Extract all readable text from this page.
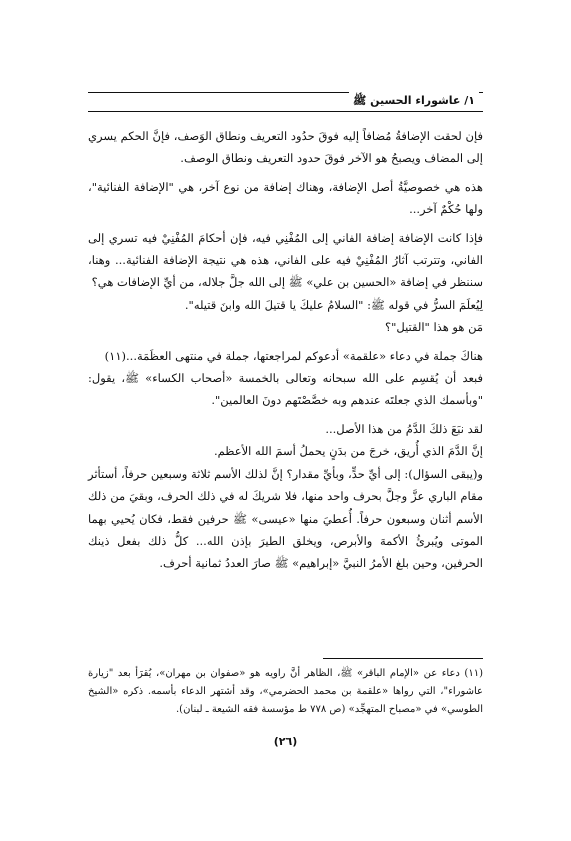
١/ عاشوراء الحسين ﷺ

فإن لحقت الإضافةُ مُضافاً إليه فوقَ حدُود التعريف ونطاق الوَصف، فإنَّ الحكم يسري إلى المضاف ويصبحُ هو الآخر فوقَ حدود التعريف ونطاق الوصف.

هذه هي خصوصيَّةُ أصل الإضافة، وهناك إضافة من نوع آخر، هي "الإضافة الفنائية"، ولها حُكْمٌ آخر...

فإذا كانت الإضافة إضافة الفاني إلى المُفْنِي فيه، فإن أحكامَ المُفْنِيْ فيه تسري إلى الفاني، وتترتب آثارُ المُفْنِيْ فيه على الفاني، هذه هي نتيجة الإضافة الفنائية... وهنا، سننظر في إضافة «الحسين بن علي» ﷺ إلى الله جلَّ جلاله، من أيِّ الإضافات هي؟

لِيُعلَمَ السرُّ في قوله ﷺ: "السلامُ عليكَ يا قتيلَ الله وابنَ قتيله".

مَن هو هذا "القتيل"؟

هناكَ جملة في دعاء «علقمة» أدعوكم لمراجعتها، جملة في منتهى العظَمَة...(١١)

فبعد أن يُقسِم على الله سبحانه وتعالى بالخمسة «أصحاب الكساء» ﷺ، يقول: "وبأسمك الذي جعلتَه عندهم وبه خصَّصْتَهم دونَ العالمين".

لقد نبَعَ ذلكَ الدَّمُ من هذا الأصل...

إنَّ الدَّمَ الذي أُريق، خرجَ من بدَنٍ يحملُ أسمَ الله الأعظم.

و(يبقى السؤال): إلى أيِّ حدٍّ، وبأيِّ مقدار؟ إنَّ لذلك الأسم ثلاثة وسبعين حرفاً، أستأثر مقام الباري عزَّ وجلَّ بحرف واحد منها، فلا شريكَ له في ذلك الحرف، وبقيَ من ذلك الأسم أثنان وسبعون حرفاً. أُعطيَ منها «عيسى» ﷺ حرفين فقط، فكان يُحيي بهما الموتى ويُبرئُ الأكمهَ والأبرص، ويخلق الطيرَ بإذن الله... كلُّ ذلك بفعل ذينك الحرفين، وحين بلغ الأمرُ النبيَّ «إبراهيم» ﷺ صارَ العددُ ثمانية أحرف.

(١١) دعاء عن «الإمام الباقر» ﷺ، الظاهر أنَّ راويه هو «صفوان بن مهران»، يُقرَأ بعد "زيارة عاشوراء"، التي رواها «علقمة بن محمد الحضرمي»، وقد أشتهر الدعاء بأسمه. ذكره «الشيخ الطوسي» في «مصباح المتهجِّد» (ص ٧٧٨ ط مؤسسة فقه الشيعة ـ لبنان).

(٢٦)
